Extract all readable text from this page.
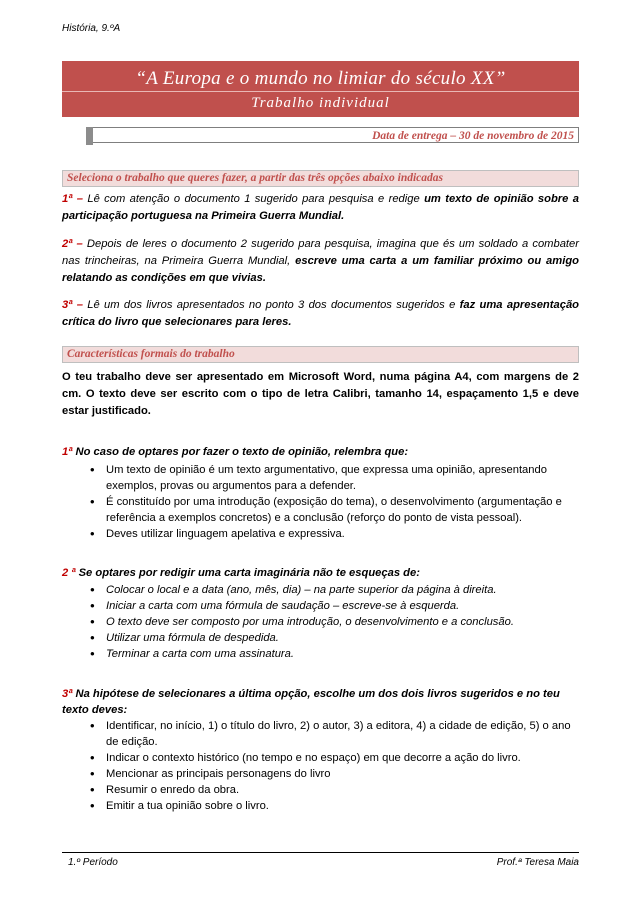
História, 9.ºA
“A Europa e o mundo no limiar do século XX”
Trabalho individual
Data de entrega – 30 de novembro de 2015
Seleciona o trabalho que queres fazer, a partir das três opções abaixo indicadas
1ª – Lê com atenção o documento 1 sugerido para pesquisa e redige um texto de opinião sobre a participação portuguesa na Primeira Guerra Mundial.
2ª – Depois de leres o documento 2 sugerido para pesquisa, imagina que és um soldado a combater nas trincheiras, na Primeira Guerra Mundial, escreve uma carta a um familiar próximo ou amigo relatando as condições em que vivias.
3ª – Lê um dos livros apresentados no ponto 3 dos documentos sugeridos e faz uma apresentação crítica do livro que selecionares para leres.
Características formais do trabalho
O teu trabalho deve ser apresentado em Microsoft Word, numa página A4, com margens de 2 cm. O texto deve ser escrito com o tipo de letra Calibri, tamanho 14, espaçamento 1,5 e deve estar justificado.
1ª No caso de optares por fazer o texto de opinião, relembra que:
• Um texto de opinião é um texto argumentativo, que expressa uma opinião, apresentando exemplos, provas ou argumentos para a defender.
• É constituído por uma introdução (exposição do tema), o desenvolvimento (argumentação e referência a exemplos concretos) e a conclusão (reforço do ponto de vista pessoal).
• Deves utilizar linguagem apelativa e expressiva.
2 ª Se optares por redigir uma carta imaginária não te esqueças de:
• Colocar o local e a data (ano, mês, dia) – na parte superior da página à direita.
• Iniciar a carta com uma fórmula de saudação – escreve-se à esquerda.
• O texto deve ser composto por uma introdução, o desenvolvimento e a conclusão.
• Utilizar uma fórmula de despedida.
• Terminar a carta com uma assinatura.
3ª Na hipótese de selecionares a última opção, escolhe um dos dois livros sugeridos e no teu texto deves:
• Identificar, no início, 1) o título do livro, 2) o autor, 3) a editora, 4) a cidade de edição, 5) o ano de edição.
• Indicar o contexto histórico (no tempo e no espaço) em que decorre a ação do livro.
• Mencionar as principais personagens do livro
• Resumir o enredo da obra.
• Emitir a tua opinião sobre o livro.
1.º Período	Prof.ª Teresa Maia
